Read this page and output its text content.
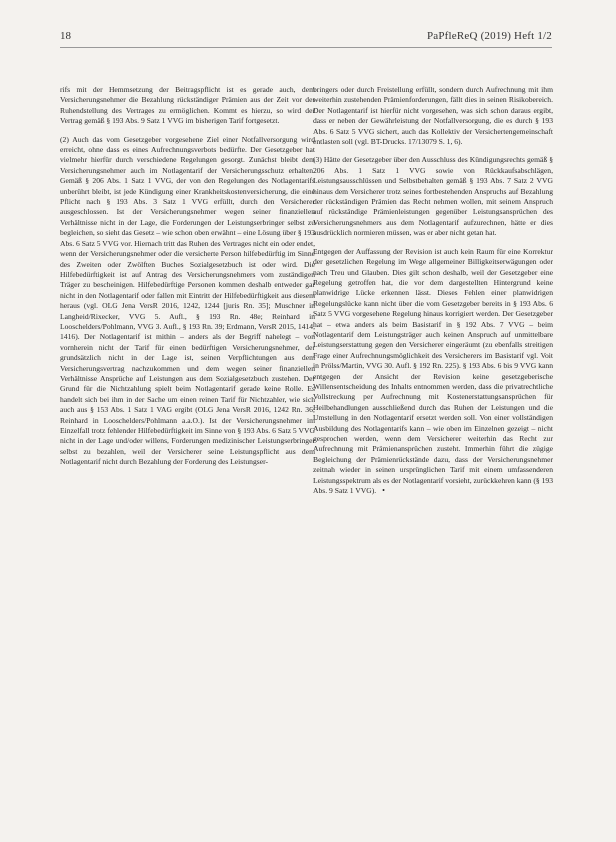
18	PaPfleReQ (2019) Heft 1/2

rifs mit der Hemmsetzung der Beitragspflicht ist es gerade auch, dem Versicherungsnehmer die Bezahlung rückständiger Prämien aus der Zeit vor der Ruhendstellung des Vertrages zu ermöglichen. Kommt es hierzu, so wird der Vertrag gemäß § 193 Abs. 9 Satz 1 VVG im bisherigen Tarif fortgesetzt.

(2) Auch das vom Gesetzgeber vorgesehene Ziel einer Notfallversorgung wird erreicht, ohne dass es eines Aufrechnungsverbots bedürfte. Der Gesetzgeber hat vielmehr hierfür durch verschiedene Regelungen gesorgt. Zunächst bleibt dem Versicherungsnehmer auch im Notlagentarif der Versicherungsschutz erhalten. Gemäß § 206 Abs. 1 Satz 1 VVG, der von den Regelungen des Notlagentarifs unberührt bleibt, ist jede Kündigung einer Krankheitskostenversicherung, die eine Pflicht nach § 193 Abs. 3 Satz 1 VVG erfüllt, durch den Versicherer ausgeschlossen. Ist der Versicherungsnehmer wegen seiner finanziellen Verhältnisse nicht in der Lage, die Forderungen der Leistungserbringer selbst zu begleichen, so sieht das Gesetz – wie schon oben erwähnt – eine Lösung über § 193 Abs. 6 Satz 5 VVG vor. Hiernach tritt das Ruhen des Vertrages nicht ein oder endet, wenn der Versicherungsnehmer oder die versicherte Person hilfebedürftig im Sinne des Zweiten oder Zwölften Buches Sozialgesetzbuch ist oder wird. Die Hilfebedürftigkeit ist auf Antrag des Versicherungsnehmers vom zuständigen Träger zu bescheinigen. Hilfebedürftige Personen kommen deshalb entweder gar nicht in den Notlagentarif oder fallen mit Eintritt der Hilfebedürftigkeit aus diesem heraus (vgl. OLG Jena VersR 2016, 1242, 1244 [juris Rn. 35]; Muschner in Langheid/Rixecker, VVG 5. Aufl., § 193 Rn. 48e; Reinhard in Looschelders/Pohlmann, VVG 3. Aufl., § 193 Rn. 39; Erdmann, VersR 2015, 1414, 1416). Der Notlagentarif ist mithin – anders als der Begriff nahelegt – von vornherein nicht der Tarif für einen bedürftigen Versicherungsnehmer, der grundsätzlich nicht in der Lage ist, seinen Verpflichtungen aus dem Versicherungsvertrag nachzukommen und dem wegen seiner finanziellen Verhältnisse Ansprüche auf Leistungen aus dem Sozialgesetzbuch zustehen. Der Grund für die Nichtzahlung spielt beim Notlagentarif gerade keine Rolle. Es handelt sich bei ihm in der Sache um einen reinen Tarif für Nichtzahler, wie sich auch aus § 153 Abs. 1 Satz 1 VAG ergibt (OLG Jena VersR 2016, 1242 Rn. 36; Reinhard in Looschelders/Pohlmann a.a.O.). Ist der Versicherungsnehmer im Einzelfall trotz fehlender Hilfebedürftigkeit im Sinne von § 193 Abs. 6 Satz 5 VVG nicht in der Lage und/oder willens, Forderungen medizinischer Leistungserbringer selbst zu bezahlen, weil der Versicherer seine Leistungspflicht aus dem Notlagentarif nicht durch Bezahlung der Forderung des Leistungser-

bringers oder durch Freistellung erfüllt, sondern durch Aufrechnung mit ihm weiterhin zustehenden Prämienforderungen, fällt dies in seinen Risikobereich. Der Notlagentarif ist hierfür nicht vorgesehen, was sich schon daraus ergibt, dass er neben der Gewährleistung der Notfallversorgung, die es durch § 193 Abs. 6 Satz 5 VVG sichert, auch das Kollektiv der Versichertengemeinschaft entlasten soll (vgl. BT-Drucks. 17/13079 S. 1, 6).

(3) Hätte der Gesetzgeber über den Ausschluss des Kündigungsrechts gemäß § 206 Abs. 1 Satz 1 VVG sowie von Rückkaufsabschlägen, Leistungsausschlüssen und Selbstbehalten gemäß § 193 Abs. 7 Satz 2 VVG hinaus dem Versicherer trotz seines fortbestehenden Anspruchs auf Bezahlung der rückständigen Prämien das Recht nehmen wollen, mit seinem Anspruch auf rückständige Prämienleistungen gegenüber Leistungsansprüchen des Versicherungsnehmers aus dem Notlagentarif aufzurechnen, hätte er dies ausdrücklich normieren müssen, was er aber nicht getan hat.

Entgegen der Auffassung der Revision ist auch kein Raum für eine Korrektur der gesetzlichen Regelung im Wege allgemeiner Billigkeitserwägungen oder nach Treu und Glauben. Dies gilt schon deshalb, weil der Gesetzgeber eine Regelung getroffen hat, die vor dem dargestellten Hintergrund keine planwidrige Lücke erkennen lässt. Dieses Fehlen einer planwidrigen Regelungslücke kann nicht über die vom Gesetzgeber bereits in § 193 Abs. 6 Satz 5 VVG vorgesehene Regelung hinaus korrigiert werden. Der Gesetzgeber hat – etwa anders als beim Basistarif in § 192 Abs. 7 VVG – beim Notlagentarif dem Leistungsträger auch keinen Anspruch auf unmittelbare Leistungserstattung gegen den Versicherer eingeräumt (zu ebenfalls streitigen Frage einer Aufrechnungsmöglichkeit des Versicherers im Basistarif vgl. Voit in Prölss/Martin, VVG 30. Aufl. § 192 Rn. 225). § 193 Abs. 6 bis 9 VVG kann entgegen der Ansicht der Revision keine gesetzgeberische Willensentscheidung des Inhalts entnommen werden, dass die privatrechtliche Vollstreckung per Aufrechnung mit Kostenerstattungsansprüchen für Heilbehandlungen ausschließend durch das Ruhen der Leistungen und die Umstellung in den Notlagentarif ersetzt werden soll. Von einer vollständigen Ausbildung des Notlagentarifs kann – wie oben im Einzelnen gezeigt – nicht gesprochen werden, wenn dem Versicherer weiterhin das Recht zur Aufrechnung mit Prämienansprüchen zusteht. Immerhin führt die zügige Begleichung der Prämienrückstände dazu, dass der Versicherungsnehmer zeitnah wieder in seinen ursprünglichen Tarif mit einem umfassenderen Leistungsspektrum als es der Notlagentarif vorsieht, zurückkehren kann (§ 193 Abs. 9 Satz 1 VVG). •
